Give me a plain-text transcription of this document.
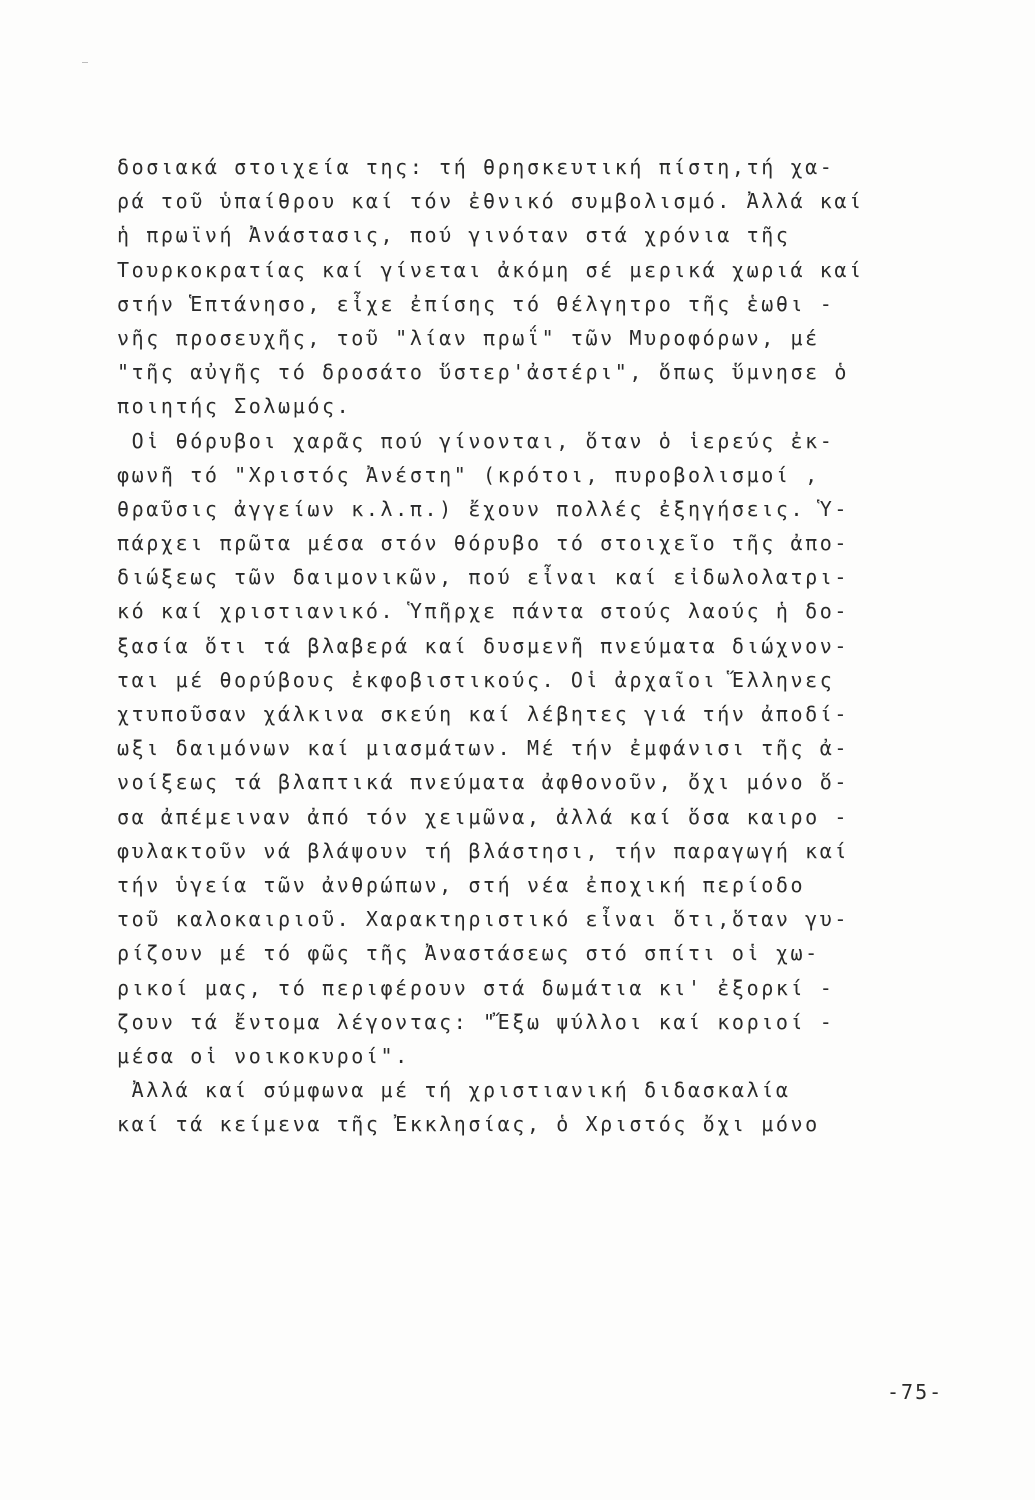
δοσιακά στοιχεία της: τή θρησκευτική πίστη,τή χα-
ρά τοῦ ὑπαίθρου καί τόν ἐθνικό συμβολισμό. Ἀλλά καί
ἡ πρωϊνή Ἀνάστασις, πού γινόταν στά χρόνια τῆς
Τουρκοκρατίας καί γίνεται ἀκόμη σέ μερικά χωριά καί
στήν Ἑπτάνησο, εἶχε ἐπίσης τό θέλγητρο τῆς ἑωθι -
νῆς προσευχῆς, τοῦ "λίαν πρωΐ" τῶν Μυροφόρων, μέ
"τῆς αὐγῆς τό δροσάτο ὕστερ'ἀστέρι", ὅπως ὕμνησε ὁ
ποιητής Σολωμός.
Οἱ θόρυβοι χαρᾶς πού γίνονται, ὅταν ὁ ἱερεύς ἐκ-
φωνῆ τό "Χριστός Ἀνέστη" (κρότοι, πυροβολισμοί ,
θραῦσις ἀγγείων κ.λ.π.) ἔχουν πολλές ἐξηγήσεις. Ὑ-
πάρχει πρῶτα μέσα στόν θόρυβο τό στοιχεῖο τῆς ἀπο-
διώξεως τῶν δαιμονικῶν, πού εἶναι καί εἰδωλολατρι-
κό καί χριστιανικό. Ὑπῆρχε πάντα στούς λαούς ἡ δο-
ξασία ὅτι τά βλαβερά καί δυσμενῆ πνεύματα διώχνον-
ται μέ θορύβους ἐκφοβιστικούς. Οἱ ἀρχαῖοι Ἕλληνες
χτυποῦσαν χάλκινα σκεύη καί λέβητες γιά τήν ἀποδί-
ωξι δαιμόνων καί μιασμάτων. Μέ τήν ἐμφάνισι τῆς ἀ-
νοίξεως τά βλαπτικά πνεύματα ἀφθονοῦν, ὄχι μόνο ὅ-
σα ἀπέμειναν ἀπό τόν χειμῶνα, ἀλλά καί ὅσα καιρο -
φυλακτοῦν νά βλάψουν τή βλάστησι, τήν παραγωγή καί
τήν ὑγεία τῶν ἀνθρώπων, στή νέα ἐποχική περίοδο
τοῦ καλοκαιριοῦ. Χαρακτηριστικό εἶναι ὅτι,ὅταν γυ-
ρίζουν μέ τό φῶς τῆς Ἀναστάσεως στό σπίτι οἱ χω-
ρικοί μας, τό περιφέρουν στά δωμάτια κι' ἐξορκί -
ζουν τά ἔντομα λέγοντας: "Ἔξω ψύλλοι καί κοριοί -
μέσα οἱ νοικοκυροί".
Ἀλλά καί σύμφωνα μέ τή χριστιανική διδασκαλία
καί τά κείμενα τῆς Ἐκκλησίας, ὁ Χριστός ὄχι μόνο
-75-
